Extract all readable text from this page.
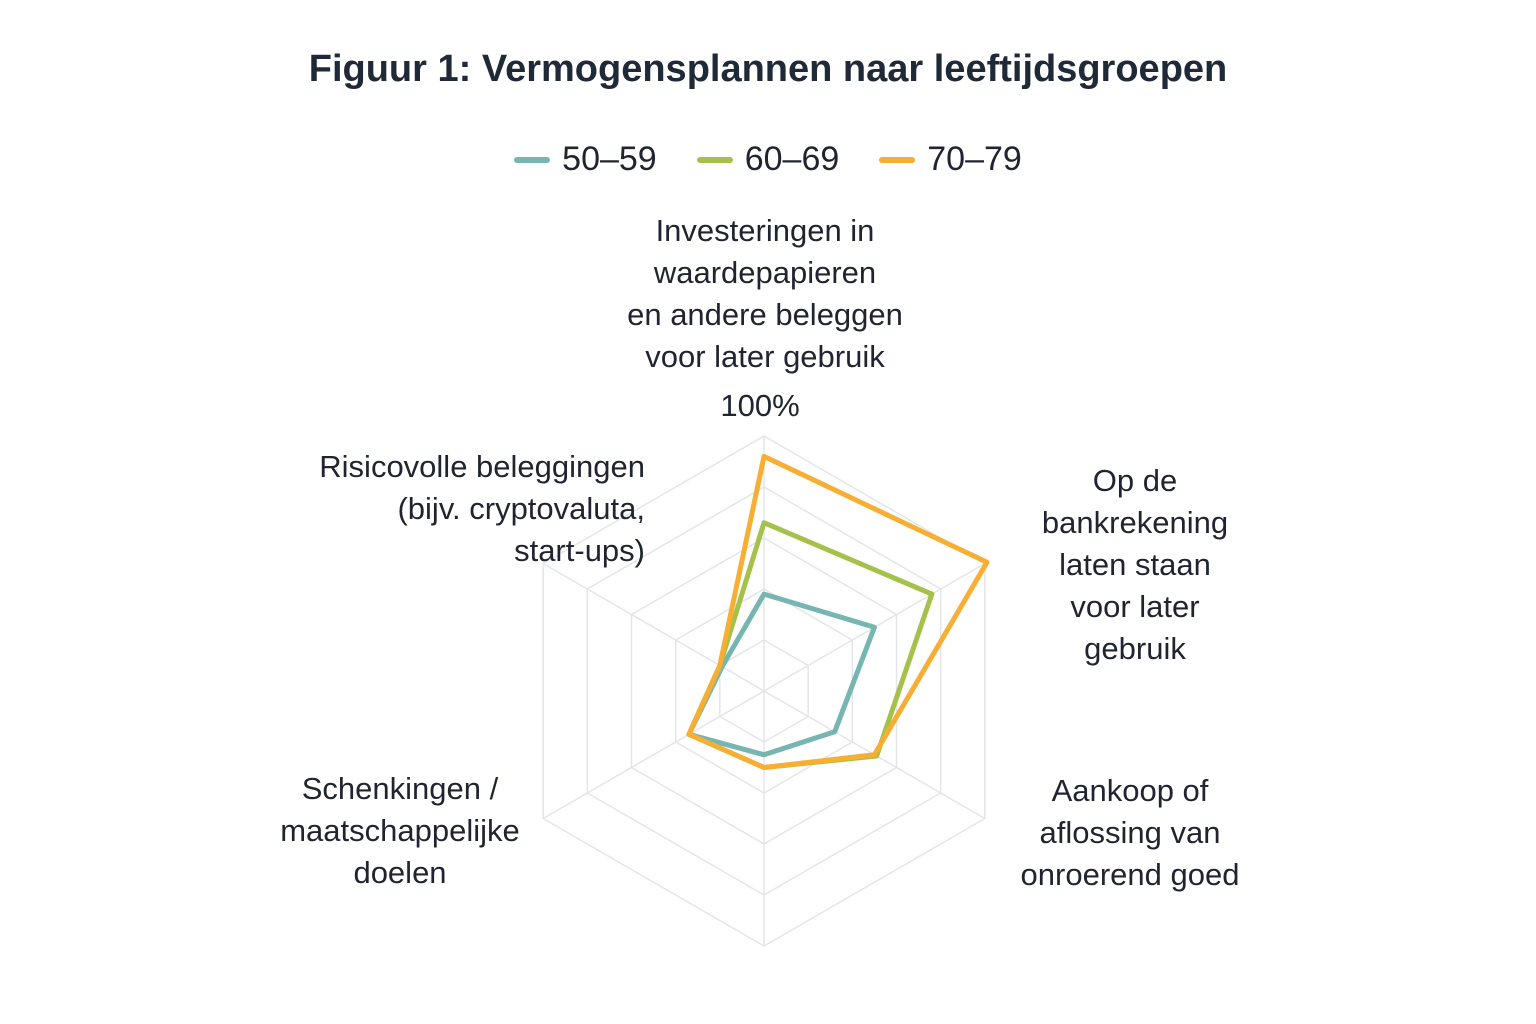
Figuur 1: Vermogensplannen naar leeftijdsgroepen
50–59	60–69	70–79
Investeringen in
waardepapieren
en andere beleggen
voor later gebruik
100%
Op de
bankrekening
laten staan
voor later
gebruik
Aankoop of
aflossing van
onroerend goed
Schenkingen /
maatschappelijke
doelen
Risicovolle beleggingen
(bijv. cryptovaluta,
start-ups)
